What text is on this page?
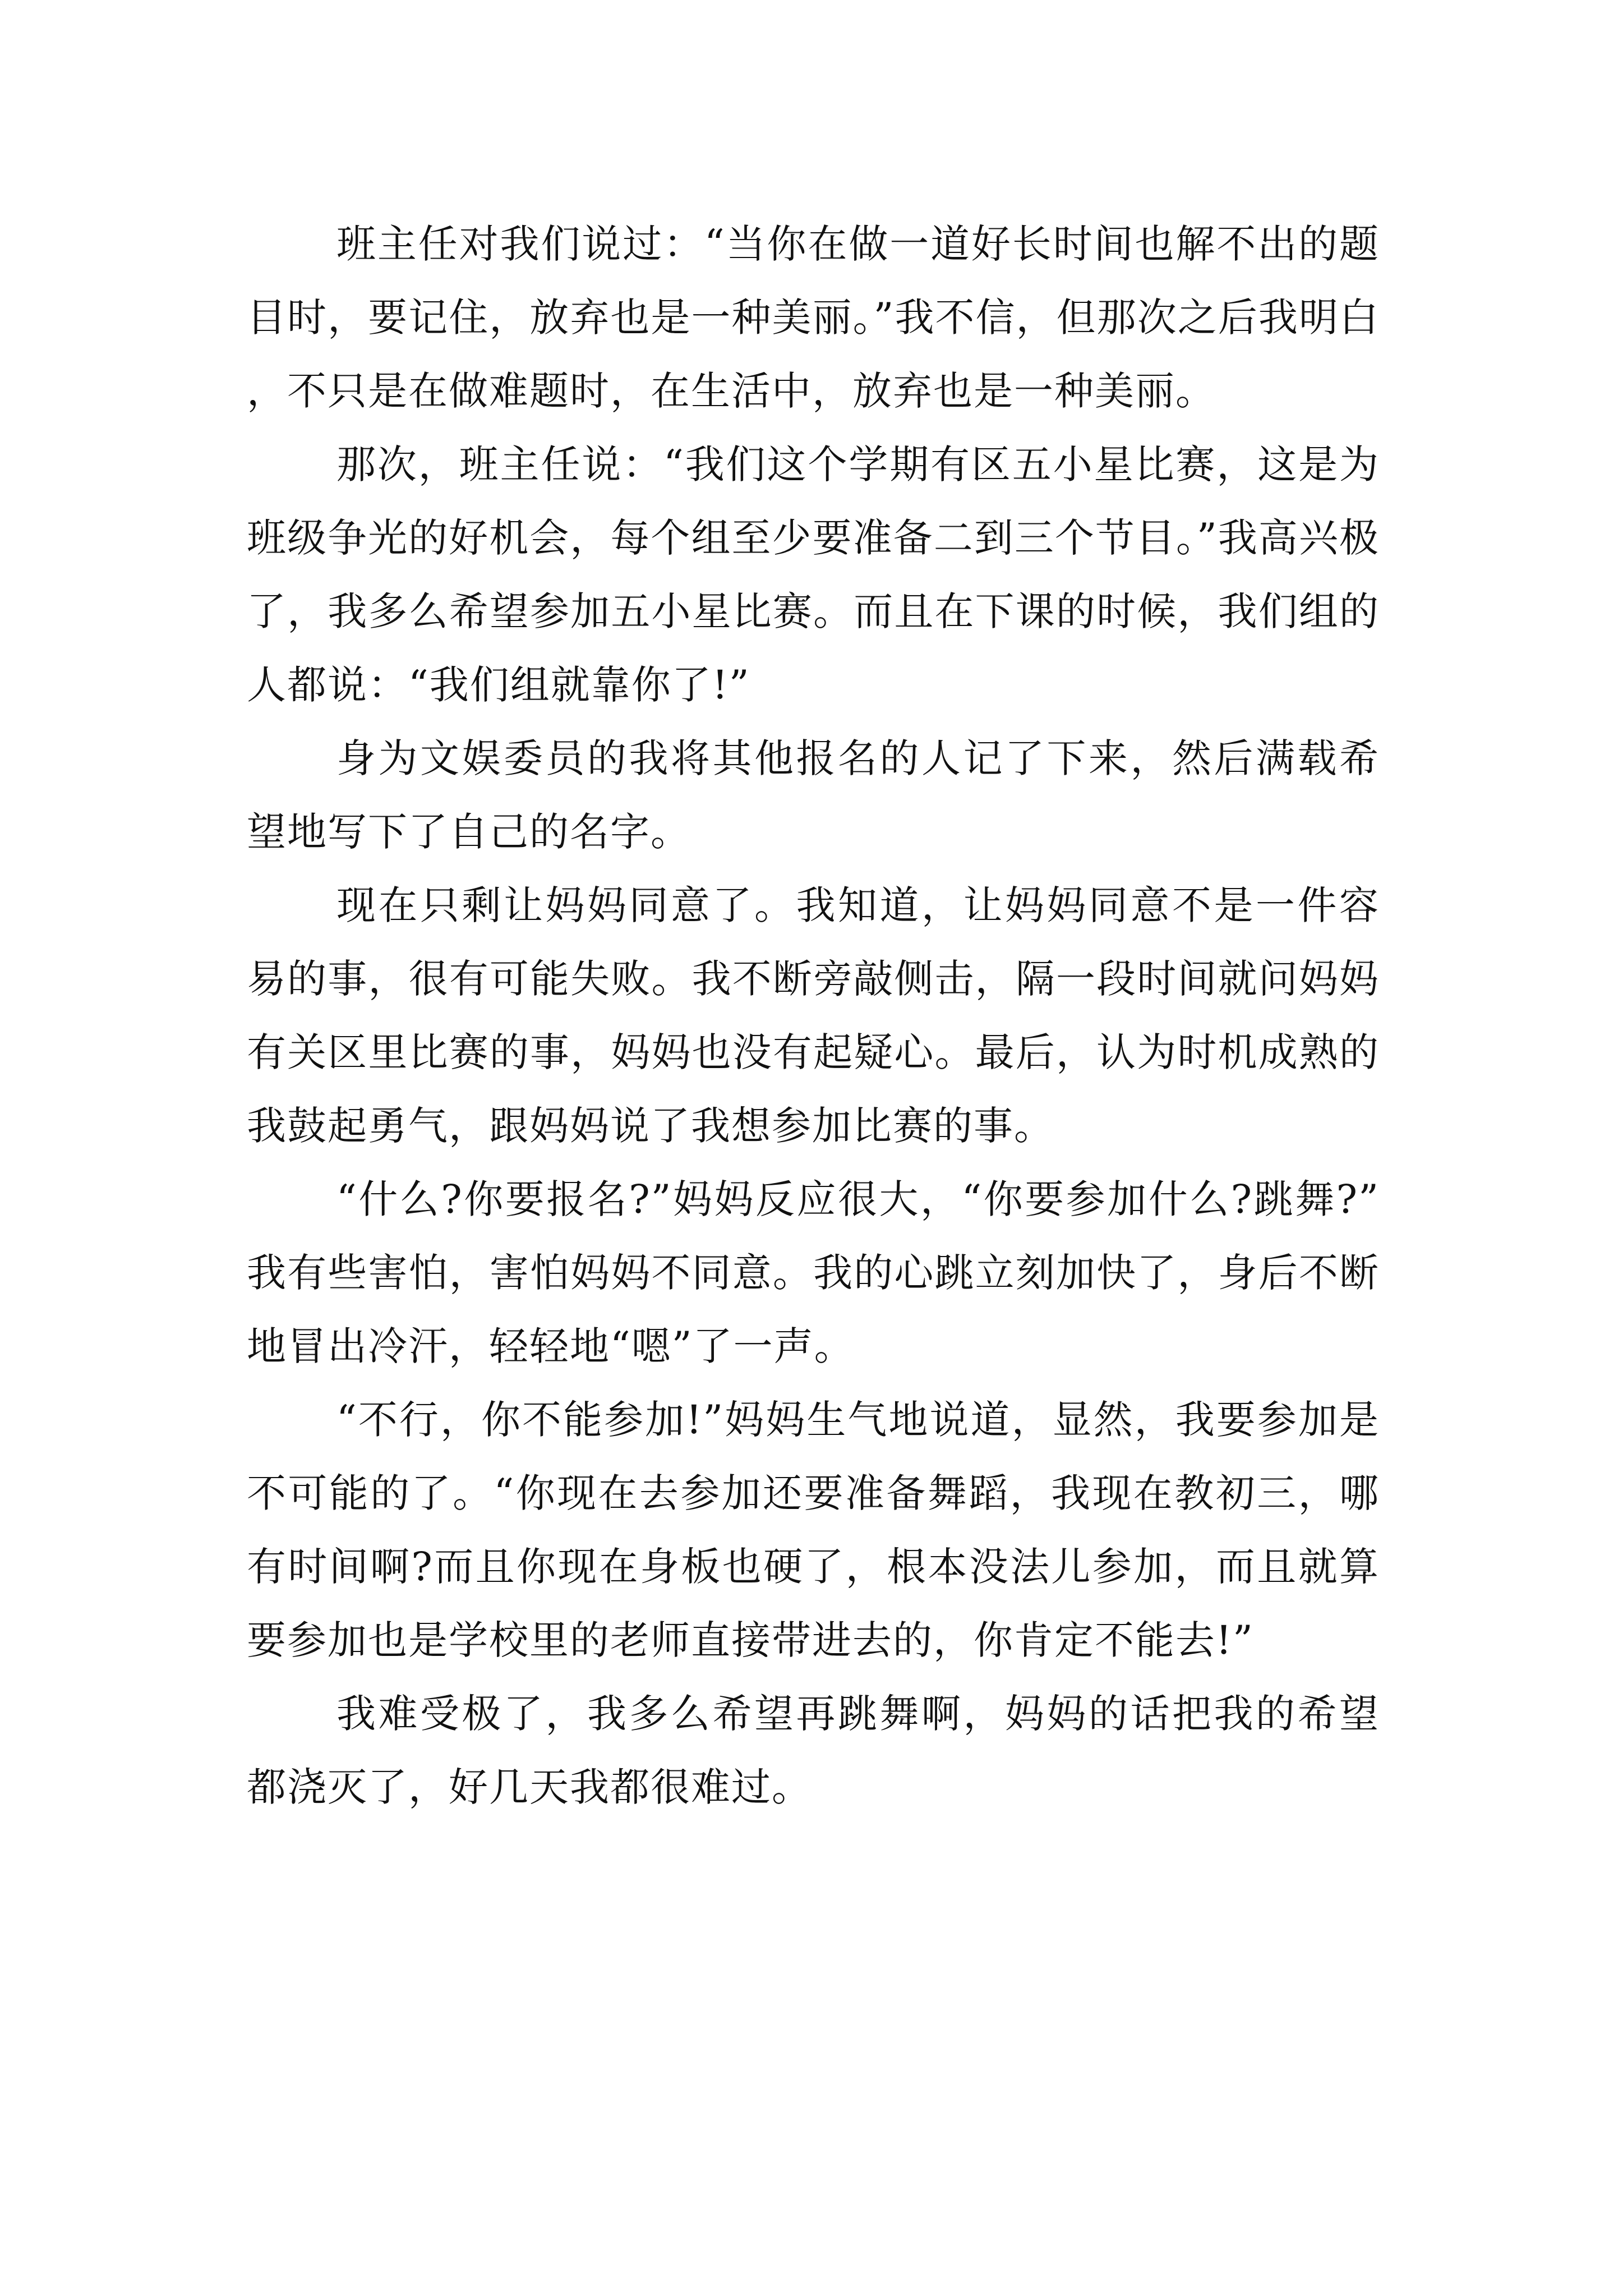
班主任对我们说过：“当你在做一道好长时间也解不出的题目时，要记住，放弃也是一种美丽。”我不信，但那次之后我明白，不只是在做难题时，在生活中，放弃也是一种美丽。

那次，班主任说：“我们这个学期有区五小星比赛，这是为班级争光的好机会，每个组至少要准备二到三个节目。”我高兴极了，我多么希望参加五小星比赛。而且在下课的时候，我们组的人都说：“我们组就靠你了!”

身为文娱委员的我将其他报名的人记了下来，然后满载希望地写下了自己的名字。

现在只剩让妈妈同意了。我知道，让妈妈同意不是一件容易的事，很有可能失败。我不断旁敲侧击，隔一段时间就问妈妈有关区里比赛的事，妈妈也没有起疑心。最后，认为时机成熟的我鼓起勇气，跟妈妈说了我想参加比赛的事。

“什么?你要报名?”妈妈反应很大，“你要参加什么?跳舞?”我有些害怕，害怕妈妈不同意。我的心跳立刻加快了，身后不断地冒出冷汗，轻轻地“嗯”了一声。

“不行，你不能参加!”妈妈生气地说道，显然，我要参加是不可能的了。“你现在去参加还要准备舞蹈，我现在教初三，哪有时间啊?而且你现在身板也硬了，根本没法儿参加，而且就算要参加也是学校里的老师直接带进去的，你肯定不能去!”

我难受极了，我多么希望再跳舞啊，妈妈的话把我的希望都浇灭了，好几天我都很难过。
